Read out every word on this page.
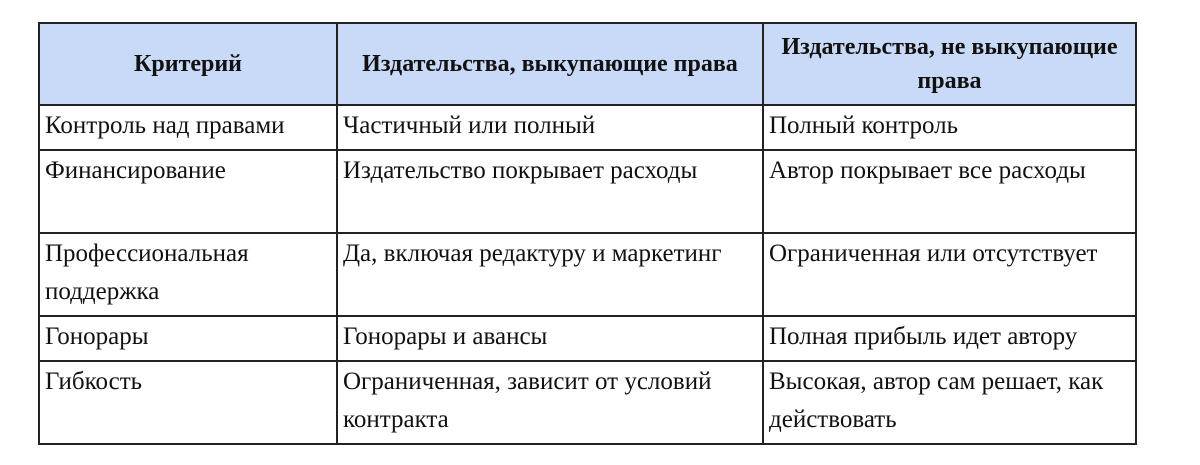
Критерий	Издательства, выкупающие права	Издательства, не выкупающие права
Контроль над правами	Частичный или полный	Полный контроль
Финансирование	Издательство покрывает расходы	Автор покрывает все расходы
Профессиональная поддержка	Да, включая редактуру и маркетинг	Ограниченная или отсутствует
Гонорары	Гонорары и авансы	Полная прибыль идет автору
Гибкость	Ограниченная, зависит от условий контракта	Высокая, автор сам решает, как действовать
